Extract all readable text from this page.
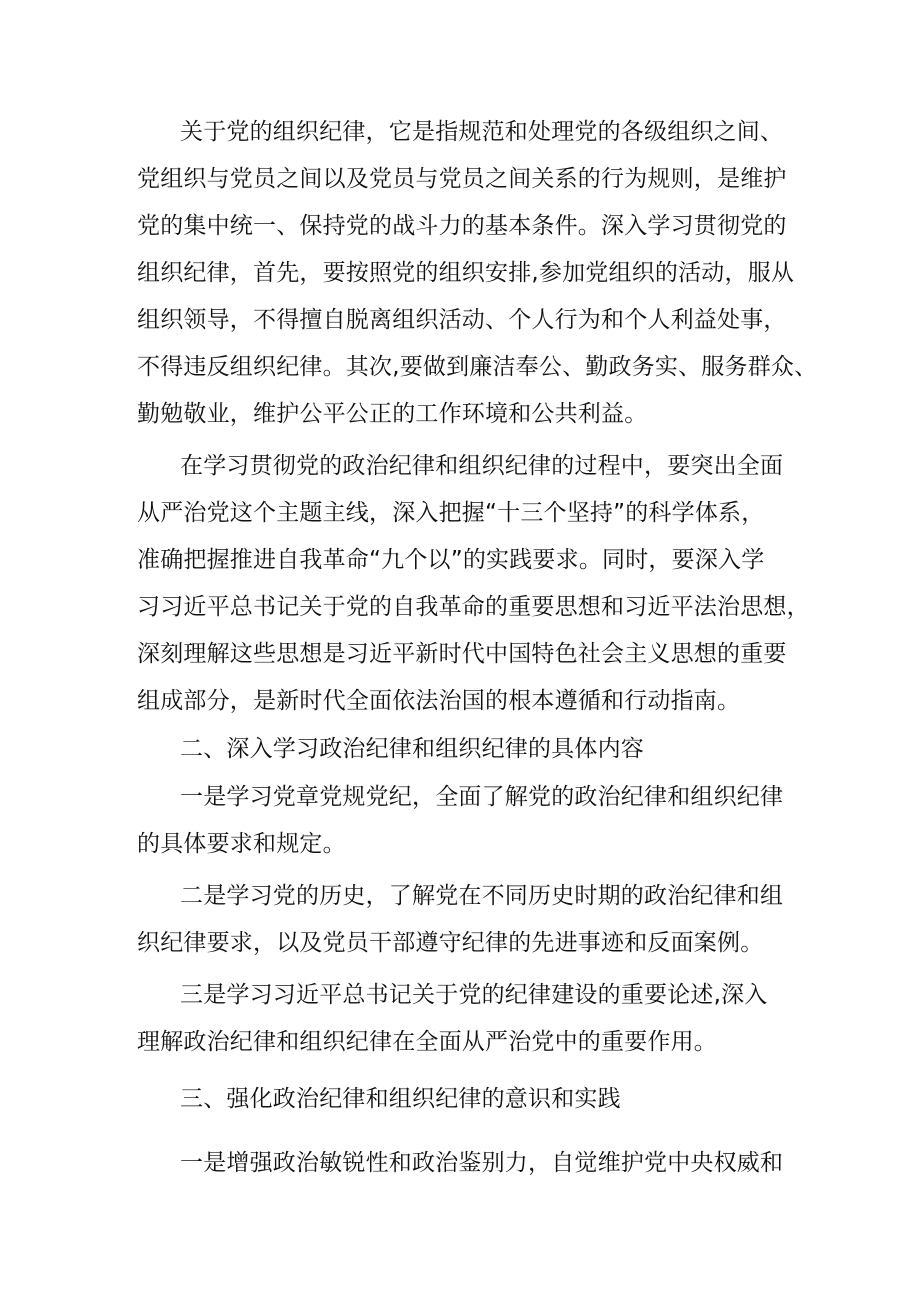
关于党的组织纪律，它是指规范和处理党的各级组织之间、
党组织与党员之间以及党员与党员之间关系的行为规则，是维护
党的集中统一、保持党的战斗力的基本条件。深入学习贯彻党的
组织纪律，首先，要按照党的组织安排,参加党组织的活动，服从
组织领导，不得擅自脱离组织活动、个人行为和个人利益处事，
不得违反组织纪律。其次,要做到廉洁奉公、勤政务实、服务群众、
勤勉敬业，维护公平公正的工作环境和公共利益。
在学习贯彻党的政治纪律和组织纪律的过程中，要突出全面
从严治党这个主题主线，深入把握“十三个坚持”的科学体系，
准确把握推进自我革命“九个以”的实践要求。同时，要深入学
习习近平总书记关于党的自我革命的重要思想和习近平法治思想，
深刻理解这些思想是习近平新时代中国特色社会主义思想的重要
组成部分，是新时代全面依法治国的根本遵循和行动指南。
二、深入学习政治纪律和组织纪律的具体内容
一是学习党章党规党纪，全面了解党的政治纪律和组织纪律
的具体要求和规定。
二是学习党的历史，了解党在不同历史时期的政治纪律和组
织纪律要求，以及党员干部遵守纪律的先进事迹和反面案例。
三是学习习近平总书记关于党的纪律建设的重要论述,深入
理解政治纪律和组织纪律在全面从严治党中的重要作用。
三、强化政治纪律和组织纪律的意识和实践
一是增强政治敏锐性和政治鉴别力，自觉维护党中央权威和
